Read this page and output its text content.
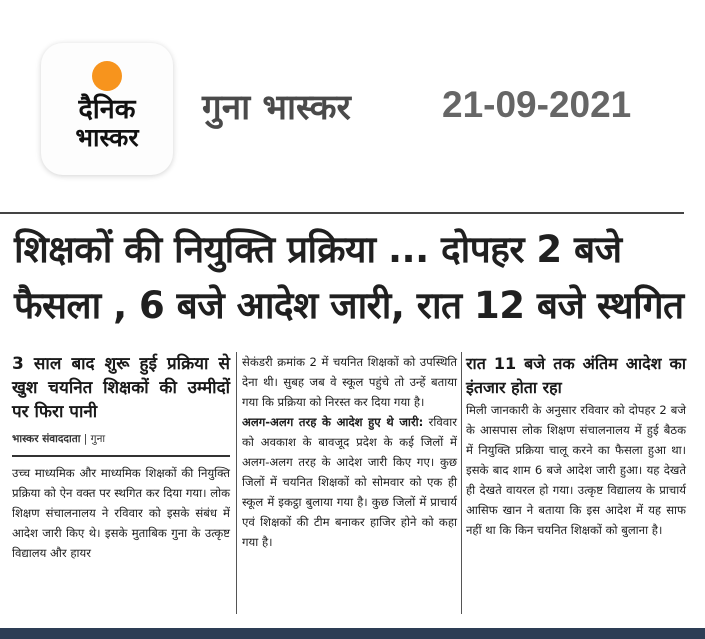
दैनिक
भास्कर
गुना भास्कर 21-09-2021
शिक्षकों की नियुक्ति प्रक्रिया ... दोपहर 2 बजे
फैसला , 6 बजे आदेश जारी, रात 12 बजे स्थगित

3 साल बाद शुरू हुई प्रक्रिया से खुश चयनित शिक्षकों की उम्मीदों पर फिरा पानी

भास्कर संवाददाता | गुना

उच्च माध्यमिक और माध्यमिक शिक्षकों की नियुक्ति प्रक्रिया को ऐन वक्त पर स्थगित कर दिया गया। लोक शिक्षण संचालनालय ने रविवार को इसके संबंध में आदेश जारी किए थे। इसके मुताबिक गुना के उत्कृष्ट विद्यालय और हायर

सेकंडरी क्रमांक 2 में चयनित शिक्षकों को उपस्थिति देना थी। सुबह जब वे स्कूल पहुंचे तो उन्हें बताया गया कि प्रक्रिया को निरस्त कर दिया गया है।

अलग-अलग तरह के आदेश हुए थे जारी: रविवार को अवकाश के बावजूद प्रदेश के कई जिलों में अलग-अलग तरह के आदेश जारी किए गए। कुछ जिलों में चयनित शिक्षकों को सोमवार को एक ही स्कूल में इकट्ठा बुलाया गया है। कुछ जिलों में प्राचार्य एवं शिक्षकों की टीम बनाकर हाजिर होने को कहा गया है।

रात 11 बजे तक अंतिम आदेश का इंतजार होता रहा

मिली जानकारी के अनुसार रविवार को दोपहर 2 बजे के आसपास लोक शिक्षण संचालनालय में हुई बैठक में नियुक्ति प्रक्रिया चालू करने का फैसला हुआ था। इसके बाद शाम 6 बजे आदेश जारी हुआ। यह देखते ही देखते वायरल हो गया। उत्कृष्ट विद्यालय के प्राचार्य आसिफ खान ने बताया कि इस आदेश में यह साफ नहीं था कि किन चयनित शिक्षकों को बुलाना है।
